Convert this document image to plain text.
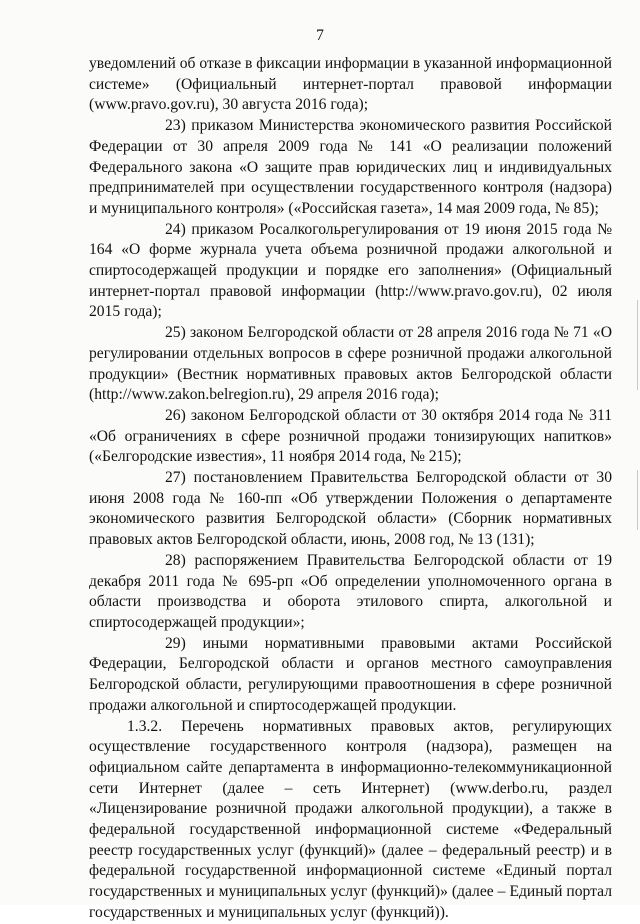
7

уведомлений об отказе в фиксации информации в указанной информационной системе» (Официальный интернет-портал правовой информации (www.pravo.gov.ru), 30 августа 2016 года);

23) приказом Министерства экономического развития Российской Федерации от 30 апреля 2009 года № 141 «О реализации положений Федерального закона «О защите прав юридических лиц и индивидуальных предпринимателей при осуществлении государственного контроля (надзора) и муниципального контроля» («Российская газета», 14 мая 2009 года, № 85);

24) приказом Росалкогольрегулирования от 19 июня 2015 года № 164 «О форме журнала учета объема розничной продажи алкогольной и спиртосодержащей продукции и порядке его заполнения» (Официальный интернет-портал правовой информации (http://www.pravo.gov.ru), 02 июля 2015 года);

25) законом Белгородской области от 28 апреля 2016 года № 71 «О регулировании отдельных вопросов в сфере розничной продажи алкогольной продукции» (Вестник нормативных правовых актов Белгородской области (http://www.zakon.belregion.ru), 29 апреля 2016 года);

26) законом Белгородской области от 30 октября 2014 года № 311 «Об ограничениях в сфере розничной продажи тонизирующих напитков» («Белгородские известия», 11 ноября 2014 года, № 215);

27) постановлением Правительства Белгородской области от 30 июня 2008 года № 160-пп «Об утверждении Положения о департаменте экономического развития Белгородской области» (Сборник нормативных правовых актов Белгородской области, июнь, 2008 год, № 13 (131);

28) распоряжением Правительства Белгородской области от 19 декабря 2011 года № 695-рп «Об определении уполномоченного органа в области производства и оборота этилового спирта, алкогольной и спиртосодержащей продукции»;

29) иными нормативными правовыми актами Российской Федерации, Белгородской области и органов местного самоуправления Белгородской области, регулирующими правоотношения в сфере розничной продажи алкогольной и спиртосодержащей продукции.

1.3.2. Перечень нормативных правовых актов, регулирующих осуществление государственного контроля (надзора), размещен на официальном сайте департамента в информационно-телекоммуникационной сети Интернет (далее – сеть Интернет) (www.derbo.ru, раздел «Лицензирование розничной продажи алкогольной продукции), а также в федеральной государственной информационной системе «Федеральный реестр государственных услуг (функций)» (далее – федеральный реестр) и в федеральной государственной информационной системе «Единый портал государственных и муниципальных услуг (функций)» (далее – Единый портал государственных и муниципальных услуг (функций)).
